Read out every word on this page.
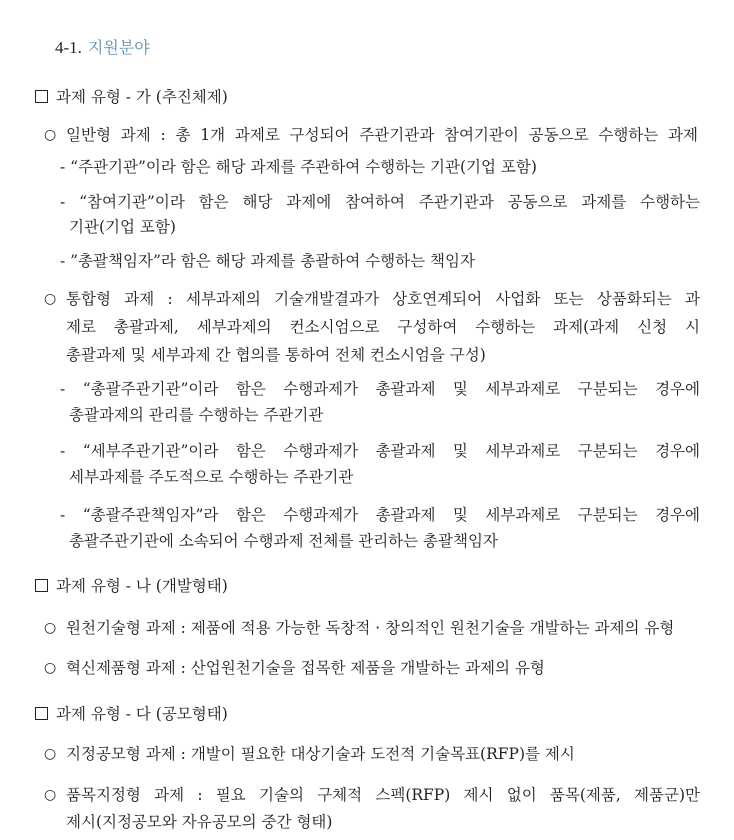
4-1. 지원분야
과제 유형 - 가 (추진체제)
○ 일반형 과제 : 총 1개 과제로 구성되어 주관기관과 참여기관이 공동으로 수행하는 과제
- “주관기관”이라 함은 해당 과제를 주관하여 수행하는 기관(기업 포함)
- “참여기관”이라 함은 해당 과제에 참여하여 주관기관과 공동으로 과제를 수행하는
기관(기업 포함)
- ”총괄책임자”라 함은 해당 과제를 총괄하여 수행하는 책임자
○ 통합형 과제 : 세부과제의 기술개발결과가 상호연계되어 사업화 또는 상품화되는 과
제로 총괄과제, 세부과제의 컨소시엄으로 구성하여 수행하는 과제(과제 신청 시
총괄과제 및 세부과제 간 협의를 통하여 전체 컨소시엄을 구성)
- “총괄주관기관”이라 함은 수행과제가 총괄과제 및 세부과제로 구분되는 경우에
총괄과제의 관리를 수행하는 주관기관
- “세부주관기관”이라 함은 수행과제가 총괄과제 및 세부과제로 구분되는 경우에
세부과제를 주도적으로 수행하는 주관기관
- “총괄주관책임자”라 함은 수행과제가 총괄과제 및 세부과제로 구분되는 경우에
총괄주관기관에 소속되어 수행과제 전체를 관리하는 총괄책임자
과제 유형 - 나 (개발형태)
○ 원천기술형 과제 : 제품에 적용 가능한 독창적 · 창의적인 원천기술을 개발하는 과제의 유형
○ 혁신제품형 과제 : 산업원천기술을 접목한 제품을 개발하는 과제의 유형
과제 유형 - 다 (공모형태)
○ 지정공모형 과제 : 개발이 필요한 대상기술과 도전적 기술목표(RFP)를 제시
○ 품목지정형 과제 : 필요 기술의 구체적 스펙(RFP) 제시 없이 품목(제품, 제품군)만
제시(지정공모와 자유공모의 중간 형태)
